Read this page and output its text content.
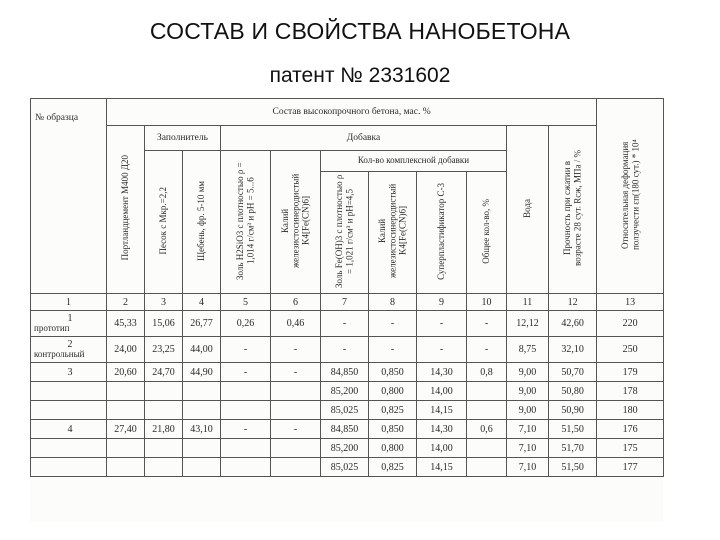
СОСТАВ И СВОЙСТВА НАНОБЕТОНА
патент № 2331602
№ образца	Состав высокопрочного бетона, мас. %											Относительная деформация ползучести εп(180 сут.) * 10⁴
	Портландцемент М400 Д20	Заполнитель		Добавка						Вода	Прочность при сжатии в возрасте 28 сут. Rсж, МПа / %	
		Песок с Мкр.=2,2	Щебень, фр. 5-10 мм	Золь H2SiO3 с плотностью ρ = 1,014 г/см³ и pH = 5...6	Калий железистосинеродистый K4[Fe(CN)6]	Кол-во комплексной добавки						
						Золь Fe(OH)3 с плотностью ρ = 1,021 г/см³ и pH=4,5	Калий железистосинеродистый K4[Fe(CN)6]	Суперпластификатор С-3	Общее кол-во, %			
1	2	3	4	5	6	7	8	9	10	11	12	13

1
прототип	45,33	15,06	26,77	0,26	0,46	-	-	-	-	12,12	42,60	220

2
контрольный	24,00	23,25	44,00	-	-	-	-	-	-	8,75	32,10	250

3	20,60	24,70	44,90	-	-	84,850	0,850	14,30	0,8	9,00	50,70	179

						85,200	0,800	14,00		9,00	50,80	178

						85,025	0,825	14,15		9,00	50,90	180

4	27,40	21,80	43,10	-	-	84,850	0,850	14,30	0,6	7,10	51,50	176

						85,200	0,800	14,00		7,10	51,70	175

						85,025	0,825	14,15		7,10	51,50	177
